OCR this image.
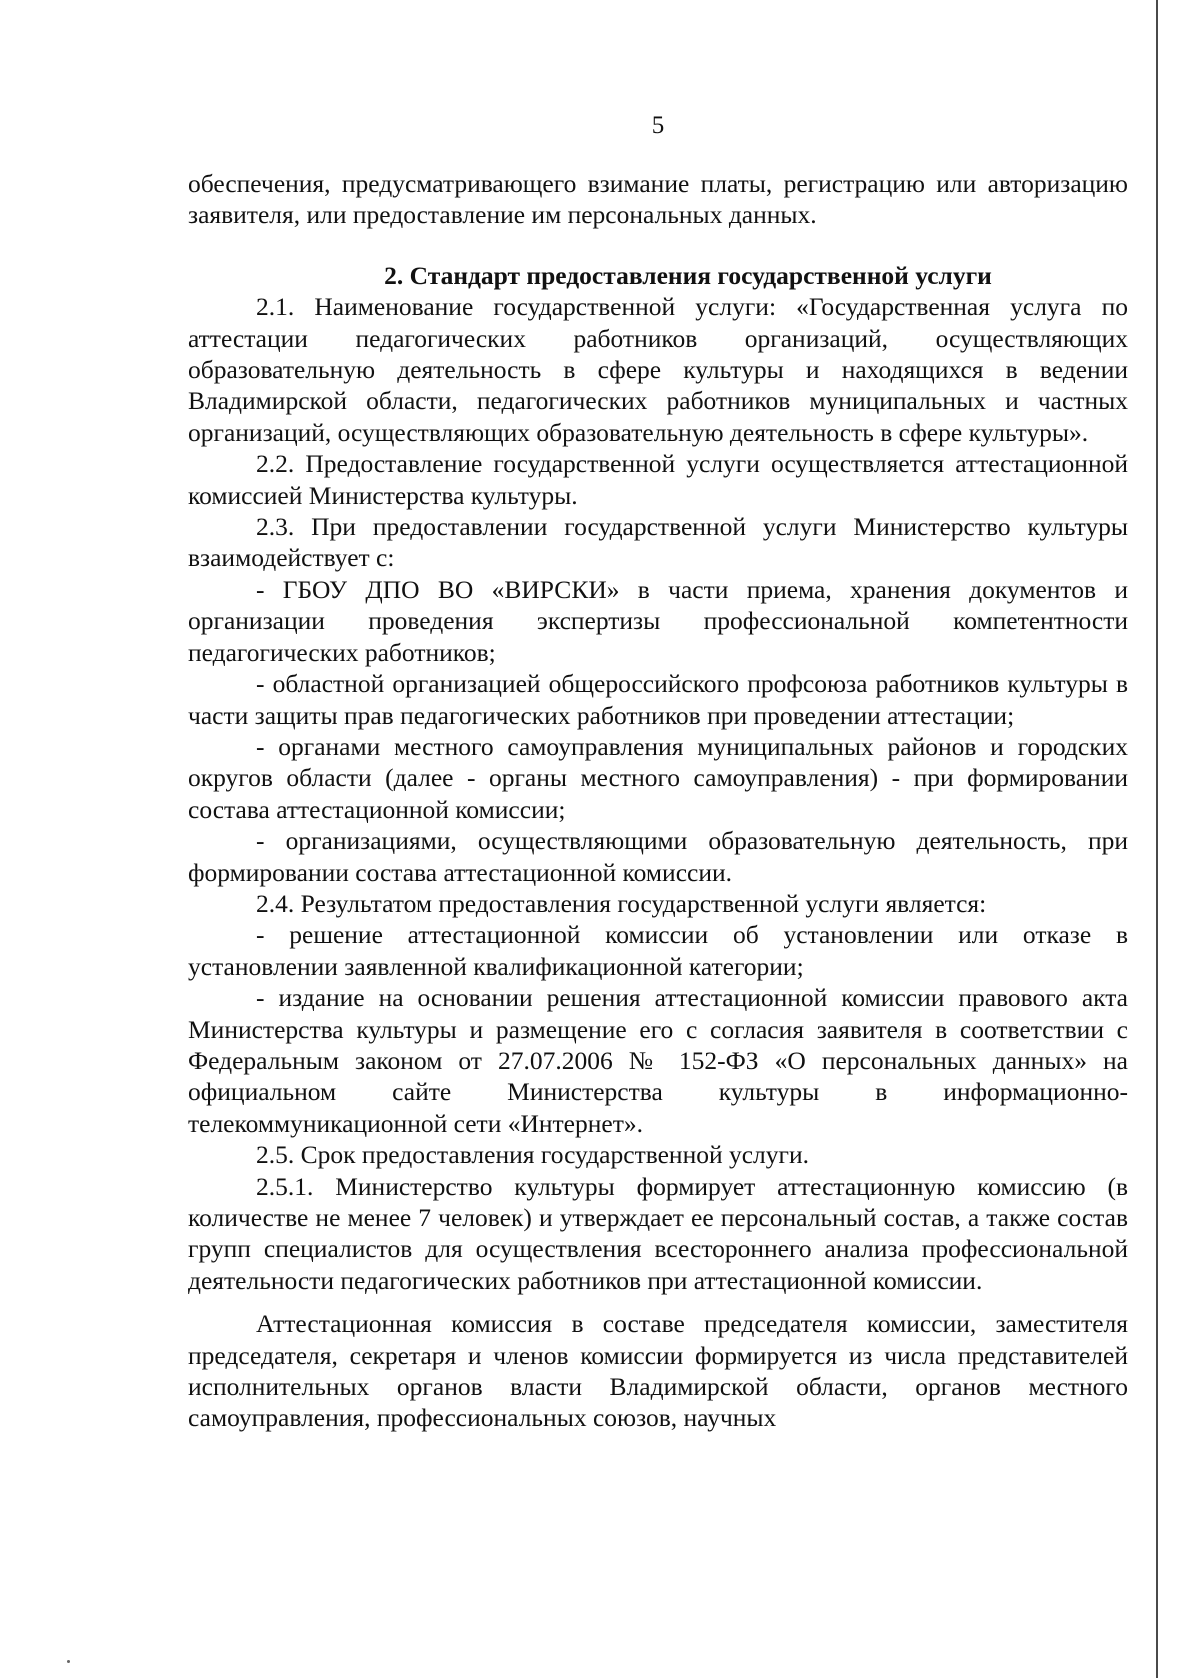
5

обеспечения, предусматривающего взимание платы, регистрацию или авторизацию заявителя, или предоставление им персональных данных.

2. Стандарт предоставления государственной услуги

2.1. Наименование государственной услуги: «Государственная услуга по аттестации педагогических работников организаций, осуществляющих образовательную деятельность в сфере культуры и находящихся в ведении Владимирской области, педагогических работников муниципальных и частных организаций, осуществляющих образовательную деятельность в сфере культуры».

2.2. Предоставление государственной услуги осуществляется аттестационной комиссией Министерства культуры.

2.3. При предоставлении государственной услуги Министерство культуры взаимодействует с:

- ГБОУ ДПО ВО «ВИРСКИ» в части приема, хранения документов и организации проведения экспертизы профессиональной компетентности педагогических работников;

- областной организацией общероссийского профсоюза работников культуры в части защиты прав педагогических работников при проведении аттестации;

- органами местного самоуправления муниципальных районов и городских округов области (далее - органы местного самоуправления) - при формировании состава аттестационной комиссии;

- организациями, осуществляющими образовательную деятельность, при формировании состава аттестационной комиссии.

2.4. Результатом предоставления государственной услуги является:

- решение аттестационной комиссии об установлении или отказе в установлении заявленной квалификационной категории;

- издание на основании решения аттестационной комиссии правового акта Министерства культуры и размещение его с согласия заявителя в соответствии с Федеральным законом от 27.07.2006 № 152-ФЗ «О персональных данных» на официальном сайте Министерства культуры в информационно-телекоммуникационной сети «Интернет».

2.5. Срок предоставления государственной услуги.

2.5.1. Министерство культуры формирует аттестационную комиссию (в количестве не менее 7 человек) и утверждает ее персональный состав, а также состав групп специалистов для осуществления всестороннего анализа профессиональной деятельности педагогических работников при аттестационной комиссии.

Аттестационная комиссия в составе председателя комиссии, заместителя председателя, секретаря и членов комиссии формируется из числа представителей исполнительных органов власти Владимирской области, органов местного самоуправления, профессиональных союзов, научных
